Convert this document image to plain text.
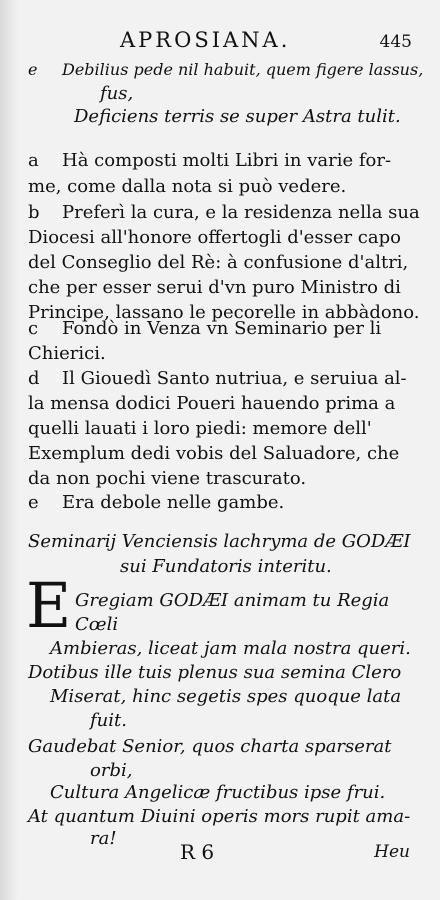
APROSIANA.	445
e Debilius pede nil habuit, quem figere lassus,
fus,
Deficiens terris se super Astra tulit.
a Hà composti molti Libri in varie for-
me, come dalla nota si può vedere.
b Preferì la cura, e la residenza nella sua
Diocesi all'honore offertogli d'esser capo
del Conseglio del Rè: à confusione d'altri,
che per esser serui d'vn puro Ministro di
Principe, lassano le pecorelle in abbàdono.
c Fondò in Venza vn Seminario per li
Chierici.
d Il Giouedì Santo nutriua, e seruiua al-
la mensa dodici Poueri hauendo prima a
quelli lauati i loro piedi: memore dell'
Exemplum dedi vobis del Saluadore, che
da non pochi viene trascurato.
e Era debole nelle gambe.
Seminarij Venciensis lachryma de GODÆI
sui Fundatoris interitu.
E Gregiam GODÆI animam tu Regia
Cœli
Ambieras, liceat jam mala nostra queri.
Dotibus ille tuis plenus sua semina Clero
Miserat, hinc segetis spes quoque lata
fuit.
Gaudebat Senior, quos charta sparserat
orbi,
Cultura Angelicæ fructibus ipse frui.
At quantum Diuini operis mors rupit ama-
ra!
R 6	Heu
